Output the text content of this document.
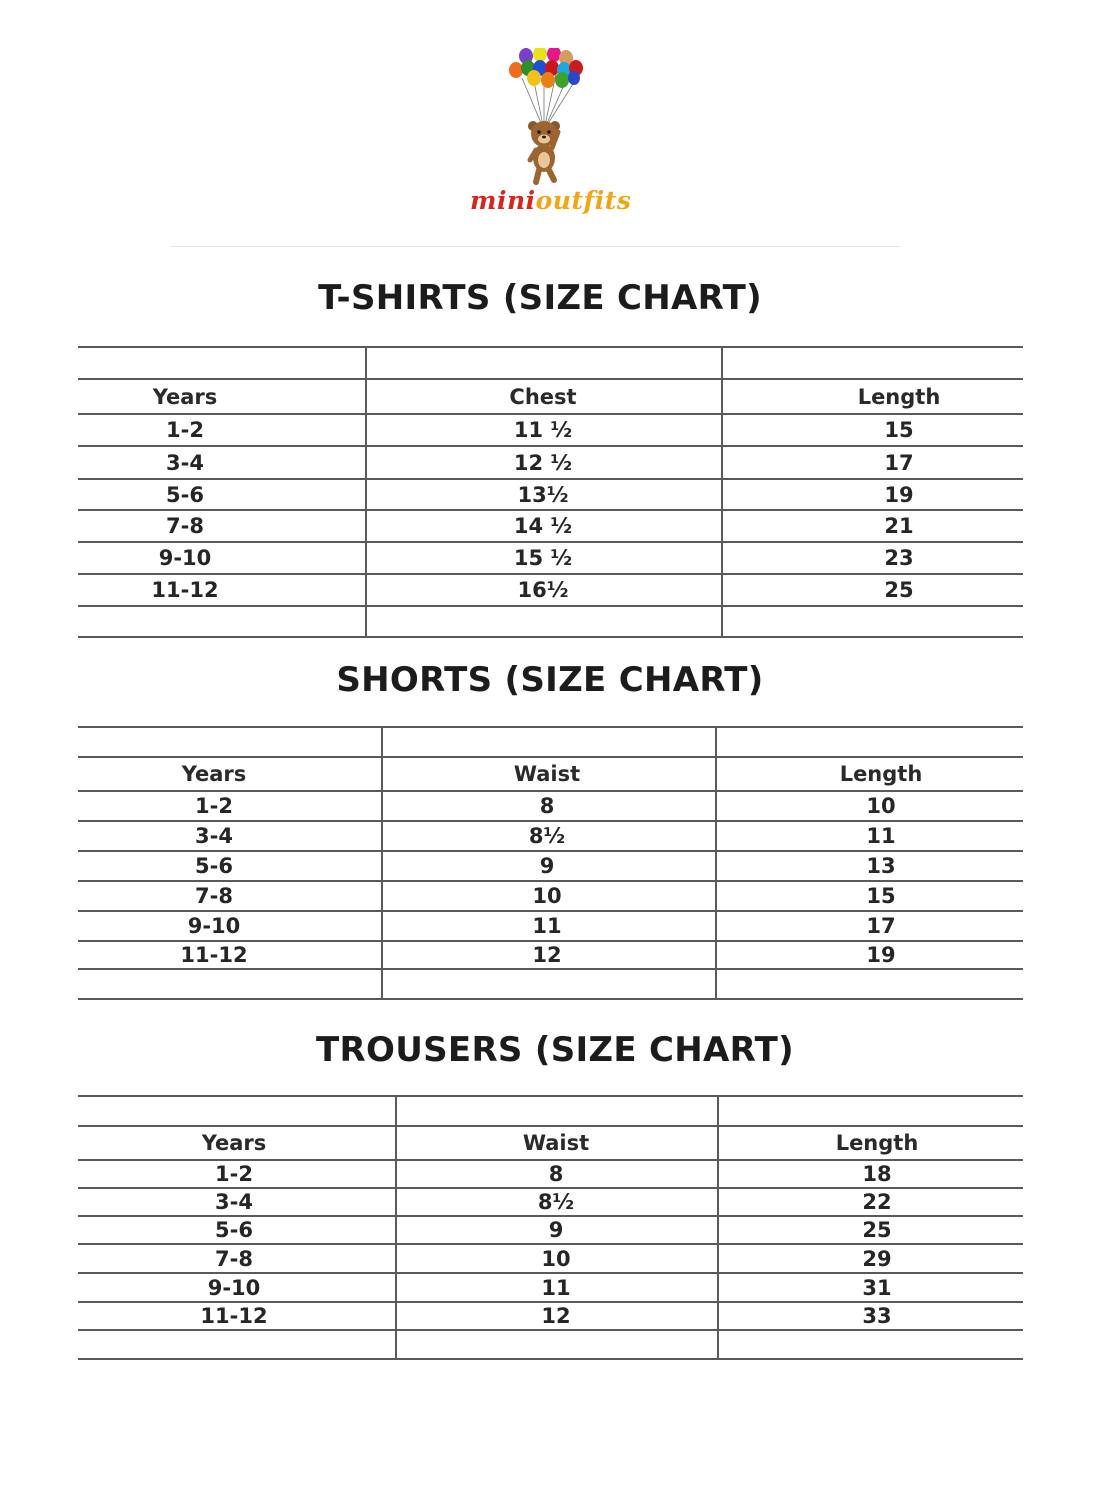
minioutfits
T-SHIRTS (SIZE CHART)
Years	Chest	Length
1-2	11 ½	15
3-4	12 ½	17
5-6	13½	19
7-8	14 ½	21
9-10	15 ½	23
11-12	16½	25
SHORTS (SIZE CHART)
Years	Waist	Length
1-2	8	10
3-4	8½	11
5-6	9	13
7-8	10	15
9-10	11	17
11-12	12	19
TROUSERS (SIZE CHART)
Years	Waist	Length
1-2	8	18
3-4	8½	22
5-6	9	25
7-8	10	29
9-10	11	31
11-12	12	33
